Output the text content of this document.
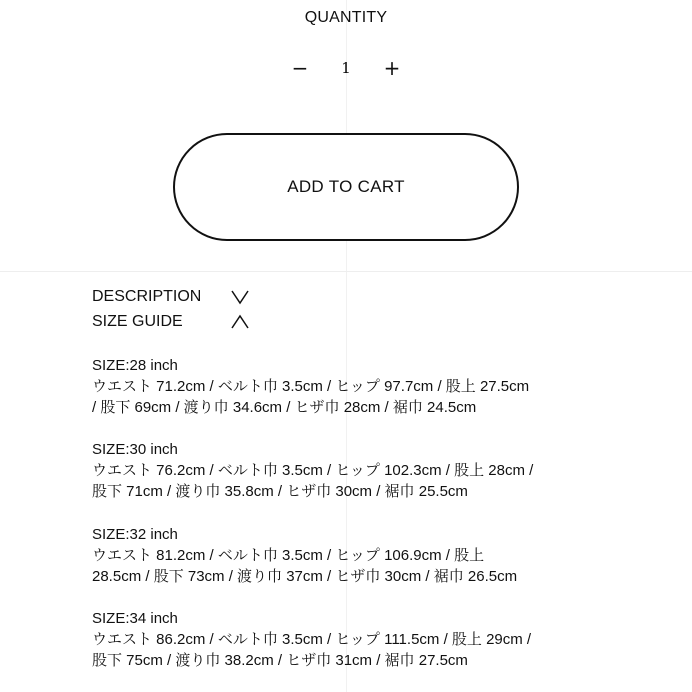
QUANTITY
−
1	+
ADD TO CART
DESCRIPTION
SIZE GUIDE
SIZE:28 inch
ウエスト 71.2cm / ベルト巾 3.5cm / ヒップ 97.7cm / 股上 27.5cm
/ 股下 69cm / 渡り巾 34.6cm / ヒザ巾 28cm / 裾巾 24.5cm
SIZE:30 inch
ウエスト 76.2cm / ベルト巾 3.5cm / ヒップ 102.3cm / 股上 28cm /
股下 71cm / 渡り巾 35.8cm / ヒザ巾 30cm / 裾巾 25.5cm
SIZE:32 inch
ウエスト 81.2cm / ベルト巾 3.5cm / ヒップ 106.9cm / 股上
28.5cm / 股下 73cm / 渡り巾 37cm / ヒザ巾 30cm / 裾巾 26.5cm
SIZE:34 inch
ウエスト 86.2cm / ベルト巾 3.5cm / ヒップ 111.5cm / 股上 29cm /
股下 75cm / 渡り巾 38.2cm / ヒザ巾 31cm / 裾巾 27.5cm
